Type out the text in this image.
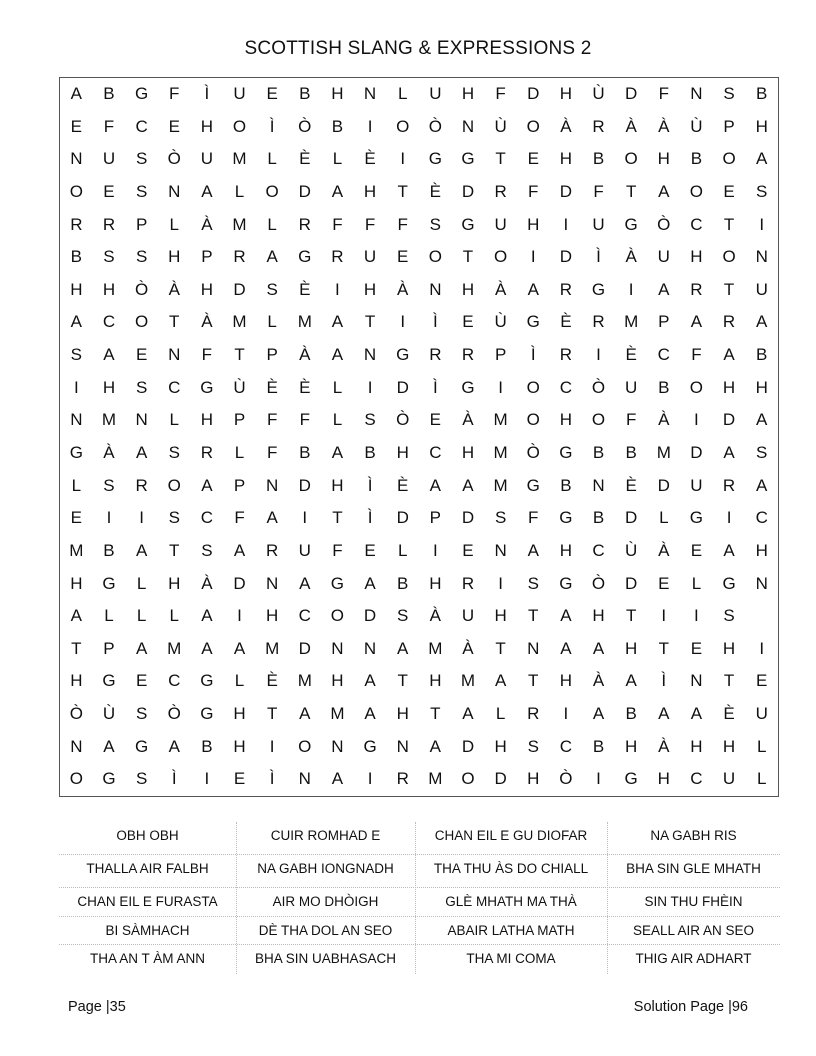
SCOTTISH SLANG & EXPRESSIONS 2
A	B	G	F	Ì	U	E	B	H	N	L	U	H	F	D	H	Ù	D	F	N	S	B
E	F	C	E	H	O	Ì	Ò	B	I	O	Ò	N	Ù	O	À	R	À	À	Ù	P	H
N	U	S	Ò	U	M	L	È	L	È	I	G	G	T	E	H	B	O	H	B	O	A
O	E	S	N	A	L	O	D	A	H	T	È	D	R	F	D	F	T	A	O	E	S
R	R	P	L	À	M	L	R	F	F	F	S	G	U	H	I	U	G	Ò	C	T	I
B	S	S	H	P	R	A	G	R	U	E	O	T	O	I	D	Ì	À	U	H	O	N
H	H	Ò	À	H	D	S	È	I	H	À	N	H	À	A	R	G	I	A	R	T	U
A	C	O	T	À	M	L	M	A	T	I	Ì	E	Ù	G	È	R	M	P	A	R	A
S	A	E	N	F	T	P	À	A	N	G	R	R	P	Ì	R	I	È	C	F	A	B
I	H	S	C	G	Ù	È	È	L	I	D	Ì	G	I	O	C	Ò	U	B	O	H	H
N	M	N	L	H	P	F	F	L	S	Ò	E	À	M	O	H	O	F	À	I	D	A
G	À	A	S	R	L	F	B	A	B	H	C	H	M	Ò	G	B	B	M	D	A	S
L	S	R	O	A	P	N	D	H	Ì	È	A	A	M	G	B	N	È	D	U	R	A
E	I	I	S	C	F	A	I	T	Ì	D	P	D	S	F	G	B	D	L	G	I	C
M	B	A	T	S	A	R	U	F	E	L	I	E	N	A	H	C	Ù	À	E	A	H
H	G	L	H	À	D	N	A	G	A	B	H	R	I	S	G	Ò	D	E	L	G	N
A	L	L	L	A	I	H	C	O	D	S	À	U	H	T	A	H	T	I	I	S
T	P	A	M	A	A	M	D	N	N	A	M	À	T	N	A	A	H	T	E	H	I
H	G	E	C	G	L	È	M	H	A	T	H	M	A	T	H	À	A	Ì	N	T	E
Ò	Ù	S	Ò	G	H	T	A	M	A	H	T	A	L	R	I	A	B	A	A	È	U
N	A	G	A	B	H	I	O	N	G	N	A	D	H	S	C	B	H	À	H	H	L
O	G	S	Ì	I	E	Ì	N	A	I	R	M	O	D	H	Ò	I	G	H	C	U	L
OBH OBH	CUIR ROMHAD E	CHAN EIL E GU DIOFAR	NA GABH RIS
THALLA AIR FALBH	NA GABH IONGNADH	THA THU ÀS DO CHIALL	BHA SIN GLE MHATH
CHAN EIL E FURASTA	AIR MO DHÒIGH	GLÈ MHATH MA THÀ	SIN THU FHÈIN
BI SÀMHACH	DÈ THA DOL AN SEO	ABAIR LATHA MATH	SEALL AIR AN SEO
THA AN T ÀM ANN	BHA SIN UABHASACH	THA MI COMA	THIG AIR ADHART
Page |35	Solution Page |96
